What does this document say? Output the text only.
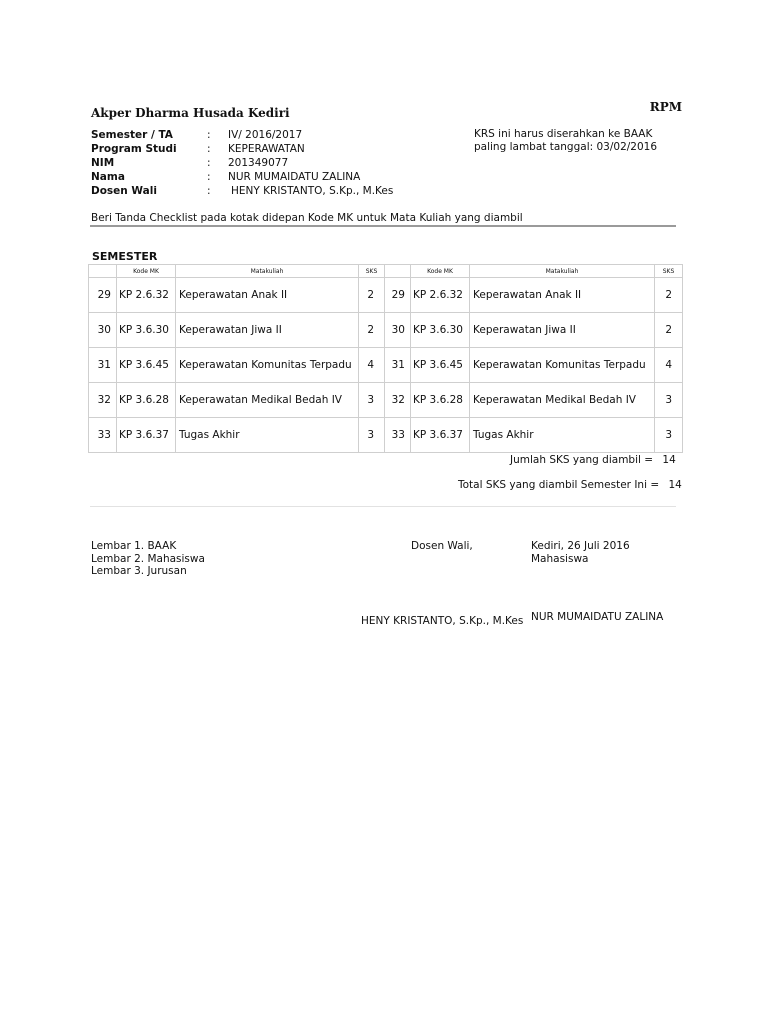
Akper Dharma Husada Kediri	RPM
Semester / TA	: IV/ 2016/2017
Program Studi	: KEPERAWATAN
NIM	: 201349077
Nama	: NUR MUMAIDATU ZALINA
Dosen Wali	: HENY KRISTANTO, S.Kp., M.Kes
KRS ini harus diserahkan ke BAAK
paling lambat tanggal: 03/02/2016
Beri Tanda Checklist pada kotak didepan Kode MK untuk Mata Kuliah yang diambil
SEMESTER
	Kode MK	Matakuliah	SKS		Kode MK	Matakuliah	SKS
29	KP 2.6.32	Keperawatan Anak II	2	29	KP 2.6.32	Keperawatan Anak II	2
30	KP 3.6.30	Keperawatan Jiwa II	2	30	KP 3.6.30	Keperawatan Jiwa II	2
31	KP 3.6.45	Keperawatan Komunitas Terpadu	4	31	KP 3.6.45	Keperawatan Komunitas Terpadu	4
32	KP 3.6.28	Keperawatan Medikal Bedah IV	3	32	KP 3.6.28	Keperawatan Medikal Bedah IV	3
33	KP 3.6.37	Tugas Akhir	3	33	KP 3.6.37	Tugas Akhir	3
Jumlah SKS yang diambil = 14
Total SKS yang diambil Semester Ini = 14
Lembar 1. BAAK
Lembar 2. Mahasiswa
Lembar 3. Jurusan
Dosen Wali,	Kediri, 26 Juli 2016
Mahasiswa
HENY KRISTANTO, S.Kp., M.Kes NUR MUMAIDATU ZALINA
